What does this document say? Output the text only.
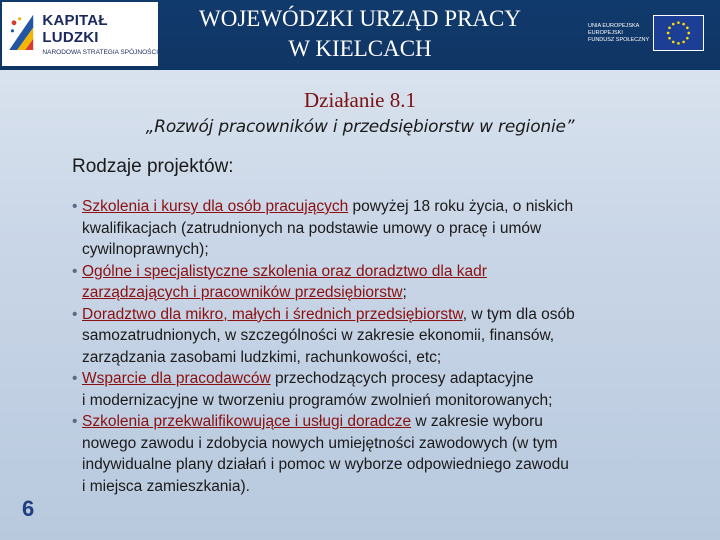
KAPITAŁ LUDZKI
NARODOWA STRATEGIA SPÓJNOŚCI
WOJEWÓDZKI URZĄD PRACY
W KIELCACH
UNIA EUROPEJSKA
EUROPEJSKI
FUNDUSZ SPOŁECZNY
Działanie 8.1
„Rozwój pracowników i przedsiębiorstw w regionie”
Rodzaje projektów:
• Szkolenia i kursy dla osób pracujących powyżej 18 roku życia, o niskich
kwalifikacjach (zatrudnionych na podstawie umowy o pracę i umów
cywilnoprawnych);
• Ogólne i specjalistyczne szkolenia oraz doradztwo dla kadr
zarządzających i pracowników przedsiębiorstw;
• Doradztwo dla mikro, małych i średnich przedsiębiorstw, w tym dla osób
samozatrudnionych, w szczególności w zakresie ekonomii, finansów,
zarządzania zasobami ludzkimi, rachunkowości, etc;
• Wsparcie dla pracodawców przechodzących procesy adaptacyjne
i modernizacyjne w tworzeniu programów zwolnień monitorowanych;
• Szkolenia przekwalifikowujące i usługi doradcze w zakresie wyboru
nowego zawodu i zdobycia nowych umiejętności zawodowych (w tym
indywidualne plany działań i pomoc w wyborze odpowiedniego zawodu
i miejsca zamieszkania).
6
